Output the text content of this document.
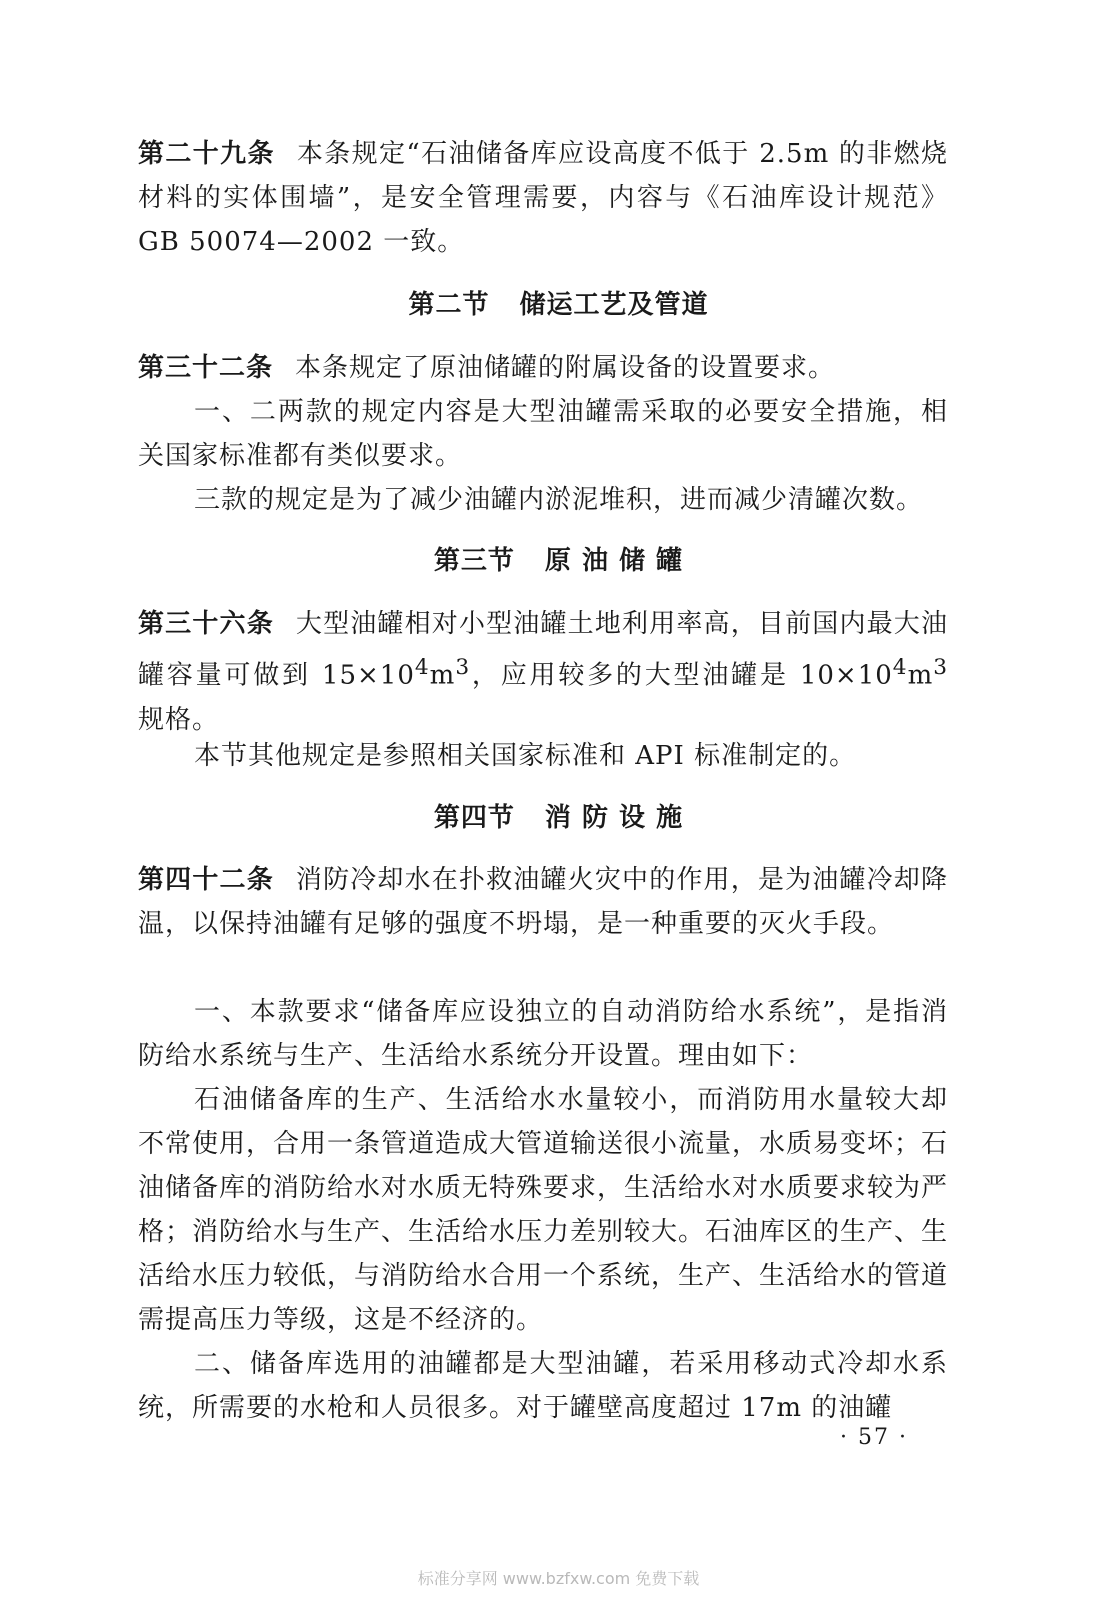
第二十九条 本条规定“石油储备库应设高度不低于 2.5m 的非燃烧材料的实体围墙”，是安全管理需要，内容与《石油库设计规范》GB 50074—2002 一致。

第二节 储运工艺及管道

第三十二条 本条规定了原油储罐的附属设备的设置要求。

一、二两款的规定内容是大型油罐需采取的必要安全措施，相关国家标准都有类似要求。

三款的规定是为了减少油罐内淤泥堆积，进而减少清罐次数。

第三节 原 油 储 罐

第三十六条 大型油罐相对小型油罐土地利用率高，目前国内最大油罐容量可做到 $15\times 10^4m^3$，应用较多的大型油罐是 $10\times 10^4m^3$ 规格。

本节其他规定是参照相关国家标准和 API 标准制定的。

第四节 消 防 设 施

第四十二条 消防冷却水在扑救油罐火灾中的作用，是为油罐冷却降温，以保持油罐有足够的强度不坍塌，是一种重要的灭火手段。

一、本款要求“储备库应设独立的自动消防给水系统”，是指消防给水系统与生产、生活给水系统分开设置。理由如下：

石油储备库的生产、生活给水水量较小，而消防用水量较大却不常使用，合用一条管道造成大管道输送很小流量，水质易变坏；石油储备库的消防给水对水质无特殊要求，生活给水对水质要求较为严格；消防给水与生产、生活给水压力差别较大。石油库区的生产、生活给水压力较低，与消防给水合用一个系统，生产、生活给水的管道需提高压力等级，这是不经济的。

二、储备库选用的油罐都是大型油罐，若采用移动式冷却水系统，所需要的水枪和人员很多。对于罐壁高度超过 17m 的油罐

· 57 ·
标准分享网 www.bzfxw.com 免费下载
